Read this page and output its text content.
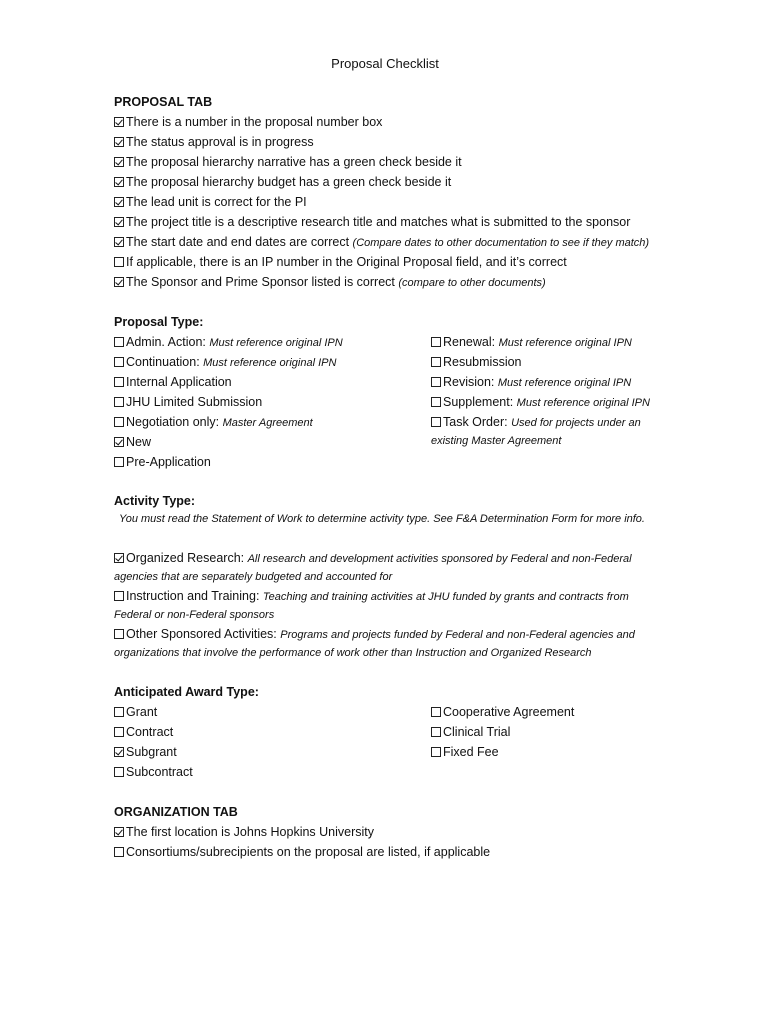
Proposal Checklist
PROPOSAL TAB
There is a number in the proposal number box
The status approval is in progress
The proposal hierarchy narrative has a green check beside it
The proposal hierarchy budget has a green check beside it
The lead unit is correct for the PI
The project title is a descriptive research title and matches what is submitted to the sponsor
The start date and end dates are correct (Compare dates to other documentation to see if they match)
If applicable, there is an IP number in the Original Proposal field, and it’s correct
The Sponsor and Prime Sponsor listed is correct (compare to other documents)
Proposal Type:
Admin. Action: Must reference original IPN
Continuation: Must reference original IPN
Internal Application
JHU Limited Submission
Negotiation only: Master Agreement
New
Pre-Application
Renewal: Must reference original IPN
Resubmission
Revision: Must reference original IPN
Supplement: Must reference original IPN
Task Order: Used for projects under an
existing Master Agreement
Activity Type:
You must read the Statement of Work to determine activity type. See F&A Determination Form for more info.
Organized Research: All research and development activities sponsored by Federal and non-Federal
agencies that are separately budgeted and accounted for
Instruction and Training: Teaching and training activities at JHU funded by grants and contracts from
Federal or non-Federal sponsors
Other Sponsored Activities: Programs and projects funded by Federal and non-Federal agencies and
organizations that involve the performance of work other than Instruction and Organized Research
Anticipated Award Type:
Grant
Contract
Subgrant
Subcontract
Cooperative Agreement
Clinical Trial
Fixed Fee
ORGANIZATION TAB
The first location is Johns Hopkins University
Consortiums/subrecipients on the proposal are listed, if applicable
